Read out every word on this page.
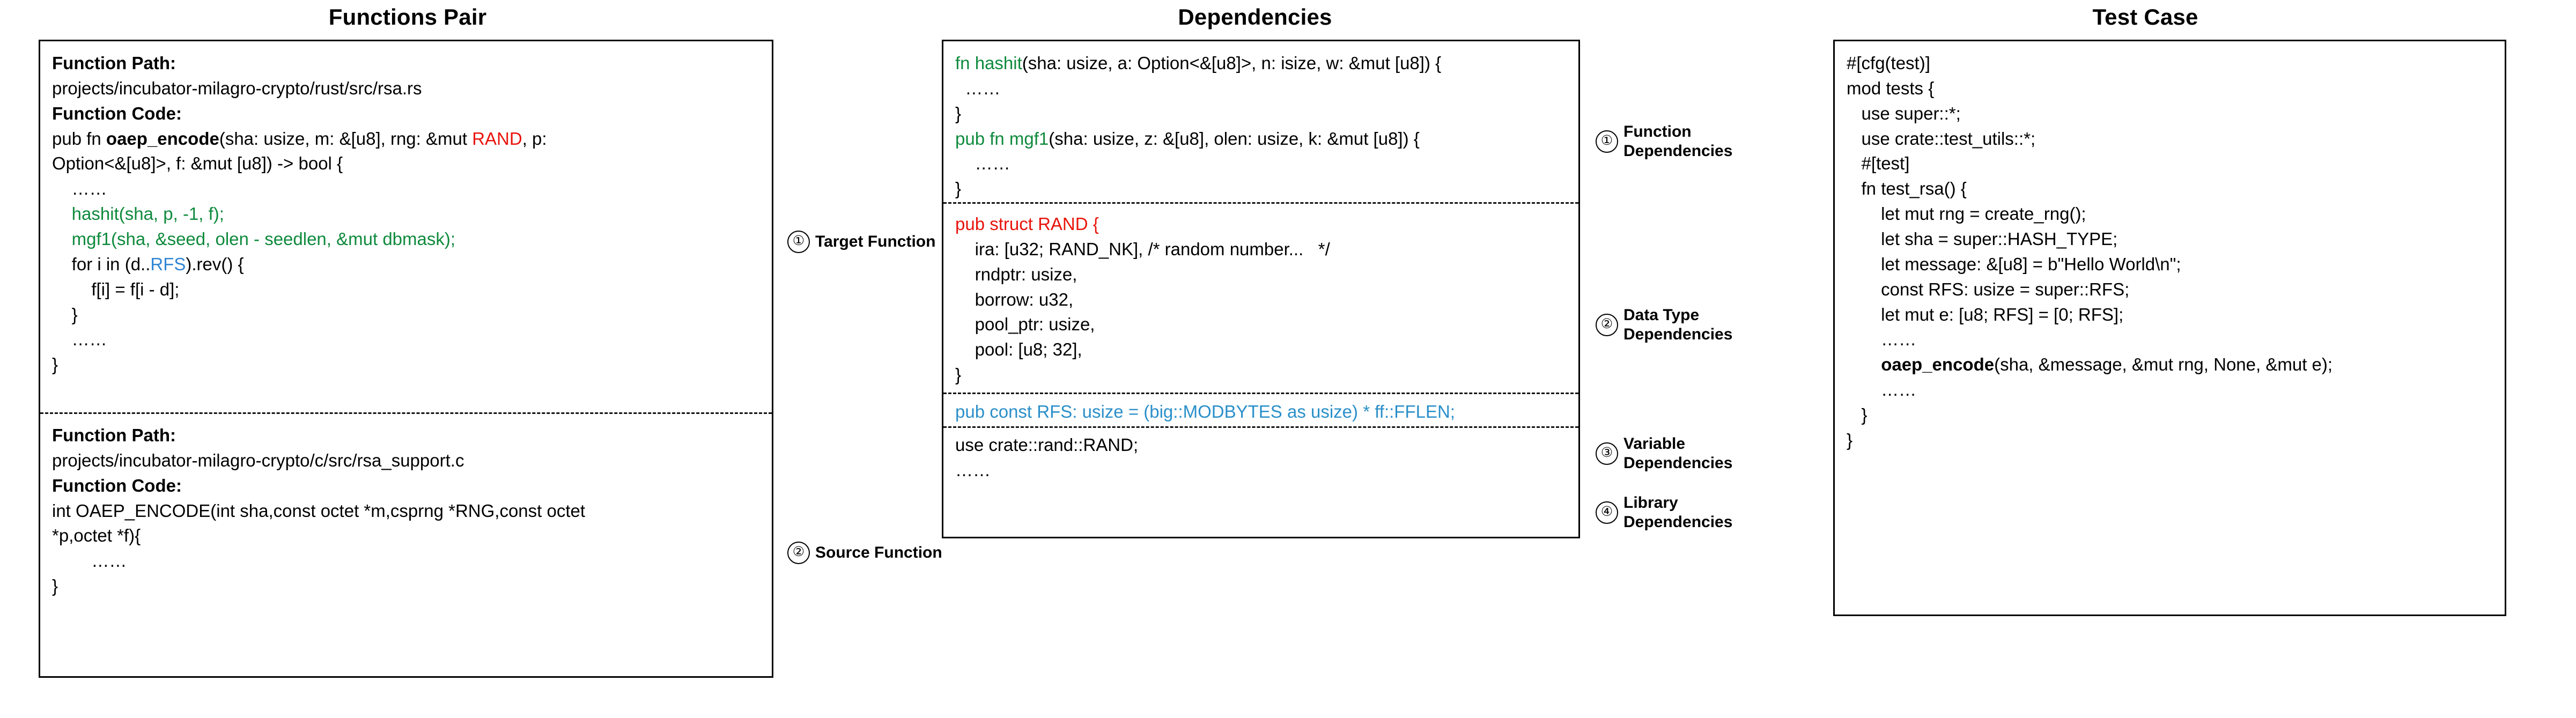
Functions Pair	Dependencies	Test Case
Function Path:
projects/incubator-milagro-crypto/rust/src/rsa.rs
Function Code:
pub fn oaep_encode(sha: usize, m: &[u8], rng: &mut RAND, p:
Option<&[u8]>, f: &mut [u8]) -> bool {
……
hashit(sha, p, -1, f);
mgf1(sha, &seed, olen - seedlen, &mut dbmask);
for i in (d..RFS).rev() {
f[i] = f[i - d];
}
……
}
Function Path:
projects/incubator-milagro-crypto/c/src/rsa_support.c
Function Code:
int OAEP_ENCODE(int sha,const octet *m,csprng *RNG,const octet
*p,octet *f){
……
}
fn hashit(sha: usize, a: Option<&[u8]>, n: isize, w: &mut [u8]) {
……
}
pub fn mgf1(sha: usize, z: &[u8], olen: usize, k: &mut [u8]) {
……
}
pub struct RAND {
ira: [u32; RAND_NK], /* random number...   */
rndptr: usize,
borrow: u32,
pool_ptr: usize,
pool: [u8; 32],
}
pub const RFS: usize = (big::MODBYTES as usize) * ff::FFLEN;
use crate::rand::RAND;
……
#[cfg(test)]
mod tests {
use super::*;
use crate::test_utils::*;
#[test]
fn test_rsa() {
let mut rng = create_rng();
let sha = super::HASH_TYPE;
let message: &[u8] = b"Hello World\n";
const RFS: usize = super::RFS;
let mut e: [u8; RFS] = [0; RFS];
……
oaep_encode(sha, &message, &mut rng, None, &mut e);
……
}
}
① Target Function
② Source Function
① Function
Dependencies
② Data Type
Dependencies
③ Variable
Dependencies
④ Library
Dependencies
